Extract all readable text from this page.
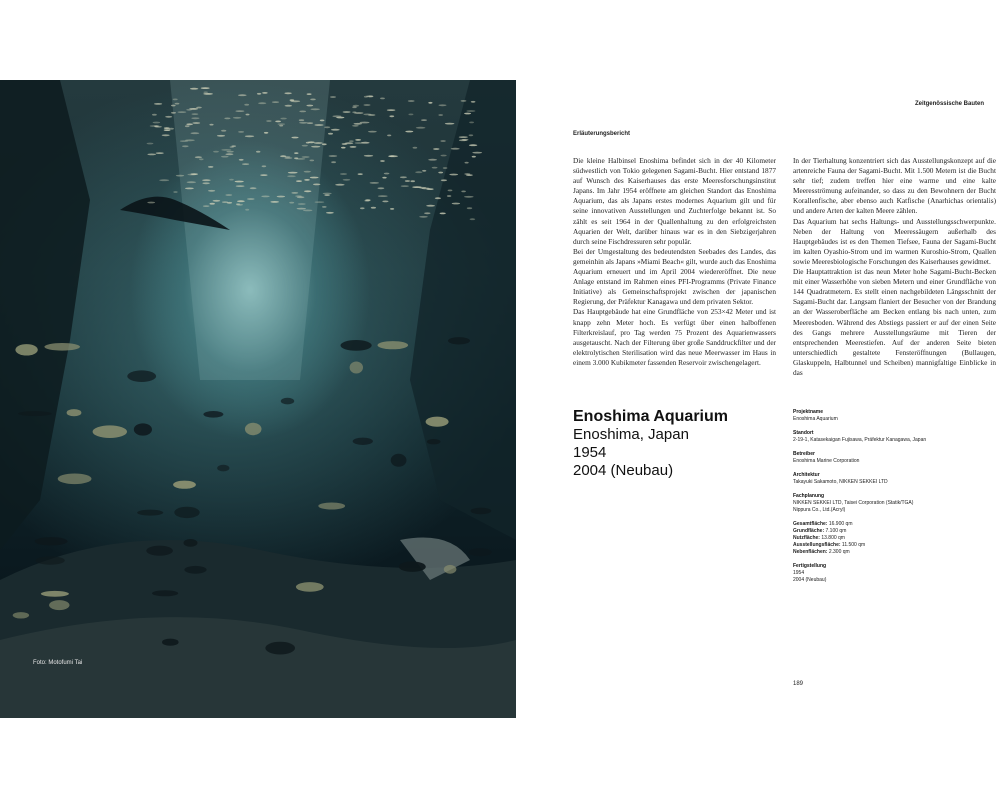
Foto: Motofumi Tai
Zeitgenössische Bauten
Erläuterungsbericht

Die kleine Halbinsel Enoshima befindet sich in der 40 Kilometer südwestlich von Tokio gelegenen Sagami-Bucht. Hier entstand 1877 auf Wunsch des Kaiserhauses das erste Meeresforschungsinstitut Japans. Im Jahr 1954 eröffnete am gleichen Standort das Enoshima Aquarium, das als Japans erstes modernes Aquarium gilt und für seine innovativen Ausstellungen und Zuchterfolge bekannt ist. So zählt es seit 1964 in der Quallenhaltung zu den erfolgreichsten Aquarien der Welt, darüber hinaus war es in den Siebzigerjahren durch seine Fischdressuren sehr populär.

Bei der Umgestaltung des bedeutendsten Seebades des Landes, das gemeinhin als Japans »Miami Beach« gilt, wurde auch das Enoshima Aquarium erneuert und im April 2004 wiedereröffnet. Die neue Anlage entstand im Rahmen eines PFI-Programms (Private Finance Initiative) als Gemeinschaftsprojekt zwischen der japanischen Regierung, der Präfektur Kanagawa und dem privaten Sektor.

Das Hauptgebäude hat eine Grundfläche von 253×42 Meter und ist knapp zehn Meter hoch. Es verfügt über einen halboffenen Filterkreislauf, pro Tag werden 75 Prozent des Aquarienwassers ausgetauscht. Nach der Filterung über große Sanddruckfilter und der elektrolytischen Sterilisation wird das neue Meerwasser im Haus in einem 3.000 Kubikmeter fassenden Reservoir zwischengelagert.

In der Tierhaltung konzentriert sich das Ausstellungskonzept auf die artenreiche Fauna der Sagami-Bucht. Mit 1.500 Metern ist die Bucht sehr tief; zudem treffen hier eine warme und eine kalte Meeresströmung aufeinander, so dass zu den Bewohnern der Bucht Korallenfische, aber ebenso auch Katfische (Anarhichas orientalis) und andere Arten der kalten Meere zählen.

Das Aquarium hat sechs Haltungs- und Ausstellungsschwerpunkte. Neben der Haltung von Meeressäugern außerhalb des Hauptgebäudes ist es den Themen Tiefsee, Fauna der Sagami-Bucht im kalten Oyashio-Strom und im warmen Kuroshio-Strom, Quallen sowie Meeresbiologische Forschungen des Kaiserhauses gewidmet.

Die Hauptattraktion ist das neun Meter hohe Sagami-Bucht-Becken mit einer Wasserhöhe von sieben Metern und einer Grundfläche von 144 Quadratmetern. Es stellt einen nachgebildeten Längsschnitt der Sagami-Bucht dar. Langsam flaniert der Besucher von der Brandung an der Wasseroberfläche am Becken entlang bis nach unten, zum Meeresboden. Während des Abstiegs passiert er auf der einen Seite des Gangs mehrere Ausstellungsräume mit Tieren der entsprechenden Meerestiefen. Auf der anderen Seite bieten unterschiedlich gestaltete Fensteröffnungen (Bullaugen, Glaskuppeln, Halbtunnel und Scheiben) mannigfaltige Einblicke in das

Enoshima Aquarium
Enoshima, Japan
1954
2004 (Neubau)
Projektname
Enoshima Aquarium
Standort
2-19-1, Katasekaigan Fujisawa, Präfektur Kanagawa, Japan
Betreiber
Enoshima Marine Corporation
Architektur
Takayuki Sakamoto, NIKKEN SEKKEI LTD
Fachplanung
NIKKEN SEKKEI LTD, Taisei Corporation (Statik/TGA)
Nippura Co., Ltd.(Acryl)
Gesamtfläche: 16.900 qm
Grundfläche: 7.100 qm
Nutzfläche: 13.800 qm
Ausstellungsfläche: 11.500 qm
Nebenflächen: 2.300 qm
Fertigstellung
1954
2004 (Neubau)
189
